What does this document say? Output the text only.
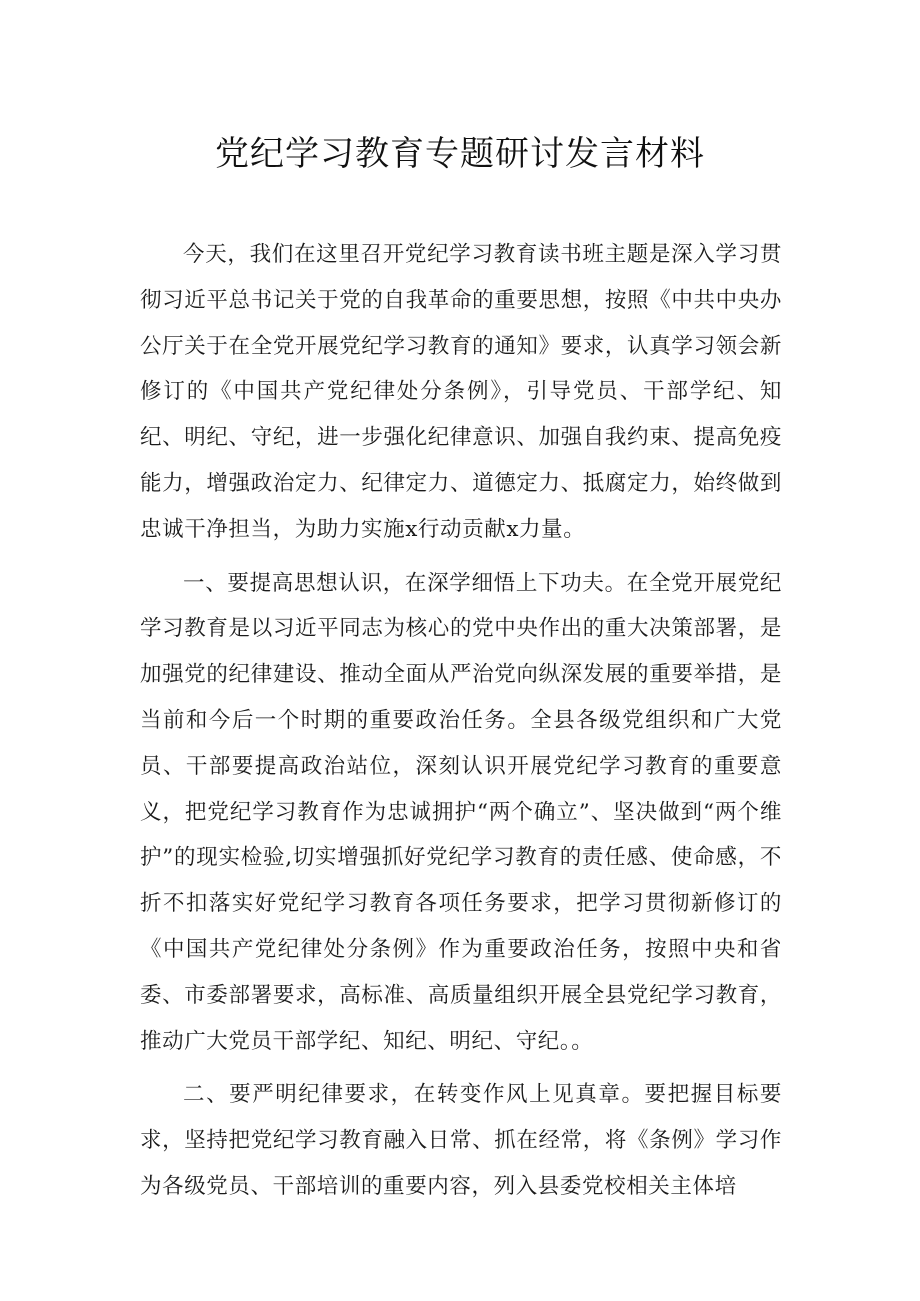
党纪学习教育专题研讨发言材料

今天，我们在这里召开党纪学习教育读书班主题是深入学习贯彻习近平总书记关于党的自我革命的重要思想，按照《中共中央办公厅关于在全党开展党纪学习教育的通知》要求，认真学习领会新修订的《中国共产党纪律处分条例》，引导党员、干部学纪、知纪、明纪、守纪，进一步强化纪律意识、加强自我约束、提高免疫能力，增强政治定力、纪律定力、道德定力、抵腐定力，始终做到忠诚干净担当，为助力实施x行动贡献x力量。

一、要提高思想认识，在深学细悟上下功夫。在全党开展党纪学习教育是以习近平同志为核心的党中央作出的重大决策部署，是加强党的纪律建设、推动全面从严治党向纵深发展的重要举措，是当前和今后一个时期的重要政治任务。全县各级党组织和广大党员、干部要提高政治站位，深刻认识开展党纪学习教育的重要意义，把党纪学习教育作为忠诚拥护“两个确立”、坚决做到“两个维护”的现实检验,切实增强抓好党纪学习教育的责任感、使命感，不折不扣落实好党纪学习教育各项任务要求，把学习贯彻新修订的《中国共产党纪律处分条例》作为重要政治任务，按照中央和省委、市委部署要求，高标准、高质量组织开展全县党纪学习教育，推动广大党员干部学纪、知纪、明纪、守纪。。

二、要严明纪律要求，在转变作风上见真章。要把握目标要求，坚持把党纪学习教育融入日常、抓在经常，将《条例》学习作为各级党员、干部培训的重要内容，列入县委党校相关主体培
